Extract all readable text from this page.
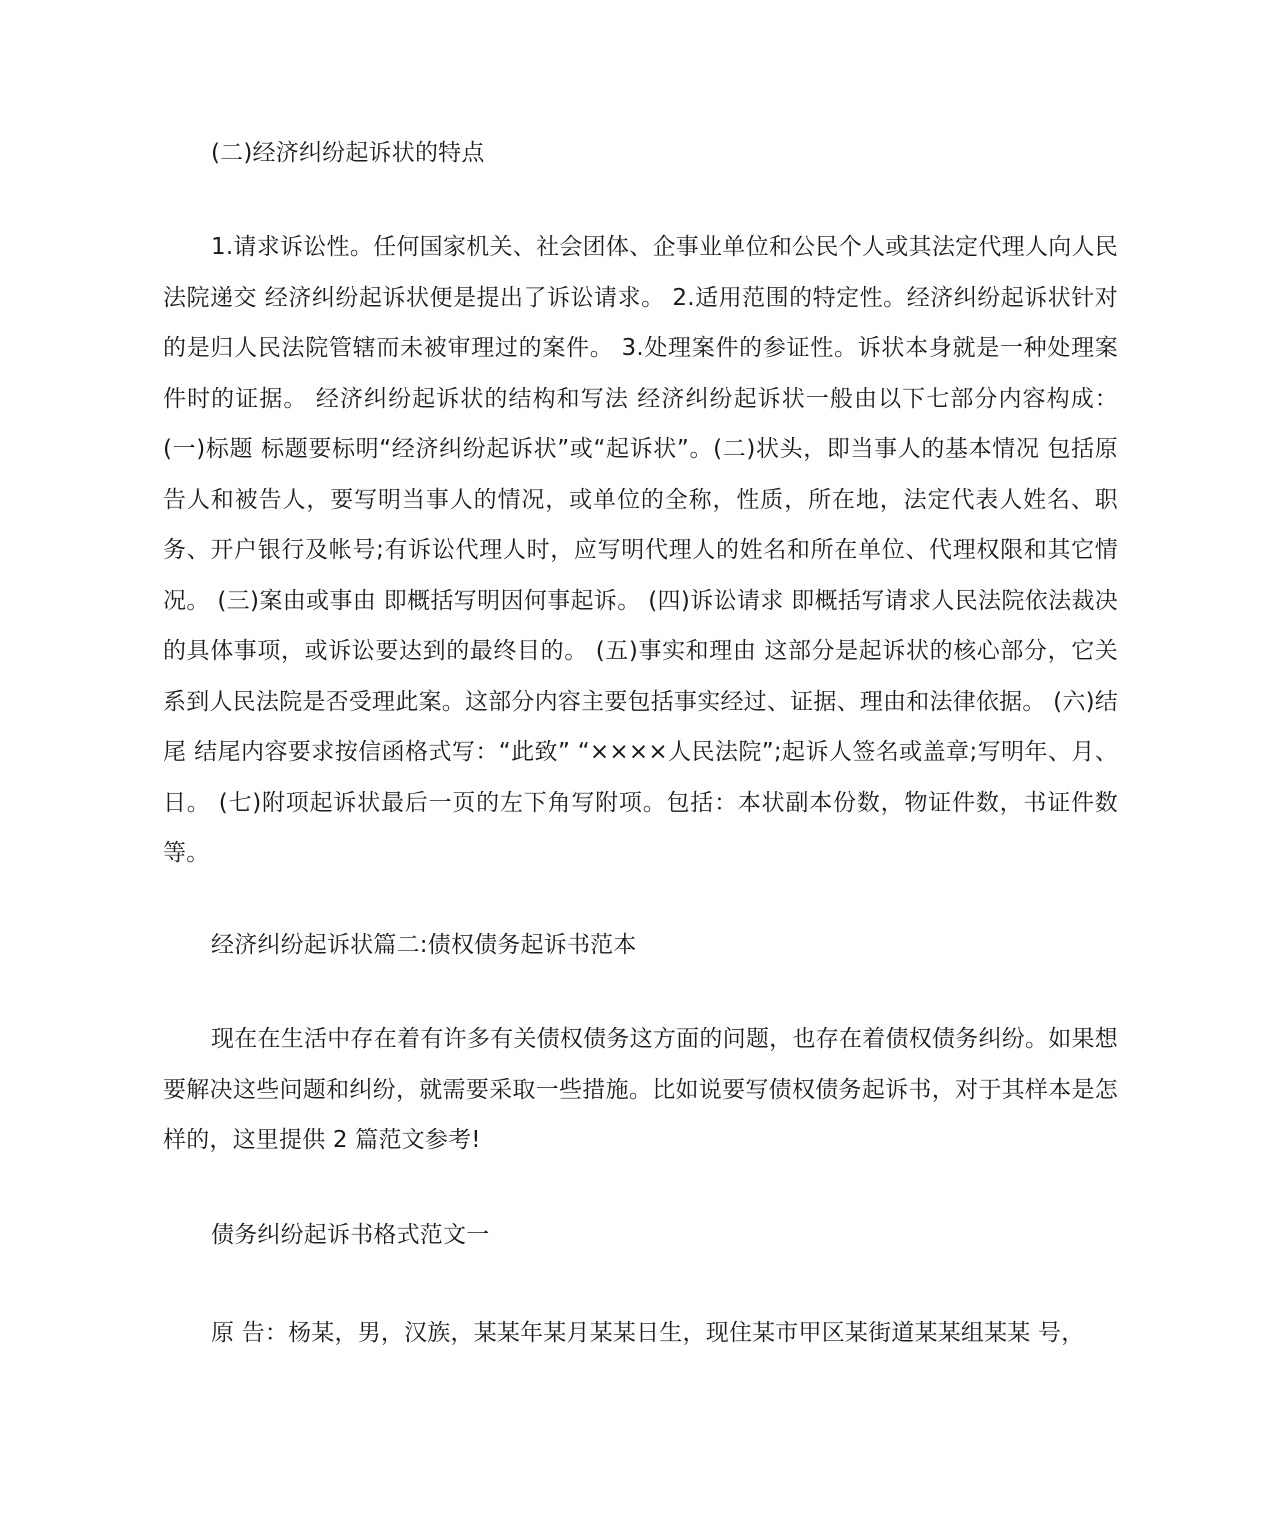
(二)经济纠纷起诉状的特点

1.请求诉讼性。任何国家机关、社会团体、企事业单位和公民个人或其法定代理人向人民法院递交 经济纠纷起诉状便是提出了诉讼请求。 2.适用范围的特定性。经济纠纷起诉状针对的是归人民法院管辖而未被审理过的案件。 3.处理案件的参证性。诉状本身就是一种处理案件时的证据。 经济纠纷起诉状的结构和写法 经济纠纷起诉状一般由以下七部分内容构成：(一)标题 标题要标明“经济纠纷起诉状”或“起诉状”。(二)状头，即当事人的基本情况 包括原告人和被告人，要写明当事人的情况，或单位的全称，性质，所在地，法定代表人姓名、职务、开户银行及帐号;有诉讼代理人时，应写明代理人的姓名和所在单位、代理权限和其它情况。 (三)案由或事由 即概括写明因何事起诉。 (四)诉讼请求 即概括写请求人民法院依法裁决的具体事项，或诉讼要达到的最终目的。 (五)事实和理由 这部分是起诉状的核心部分，它关系到人民法院是否受理此案。这部分内容主要包括事实经过、证据、理由和法律依据。 (六)结尾 结尾内容要求按信函格式写：“此致” “××××人民法院”;起诉人签名或盖章;写明年、月、日。 (七)附项起诉状最后一页的左下角写附项。包括：本状副本份数，物证件数，书证件数等。

经济纠纷起诉状篇二:债权债务起诉书范本

现在在生活中存在着有许多有关债权债务这方面的问题，也存在着债权债务纠纷。如果想要解决这些问题和纠纷，就需要采取一些措施。比如说要写债权债务起诉书，对于其样本是怎样的，这里提供 2 篇范文参考!

债务纠纷起诉书格式范文一

原 告：杨某，男，汉族，某某年某月某某日生，现住某市甲区某街道某某组某某 号，
